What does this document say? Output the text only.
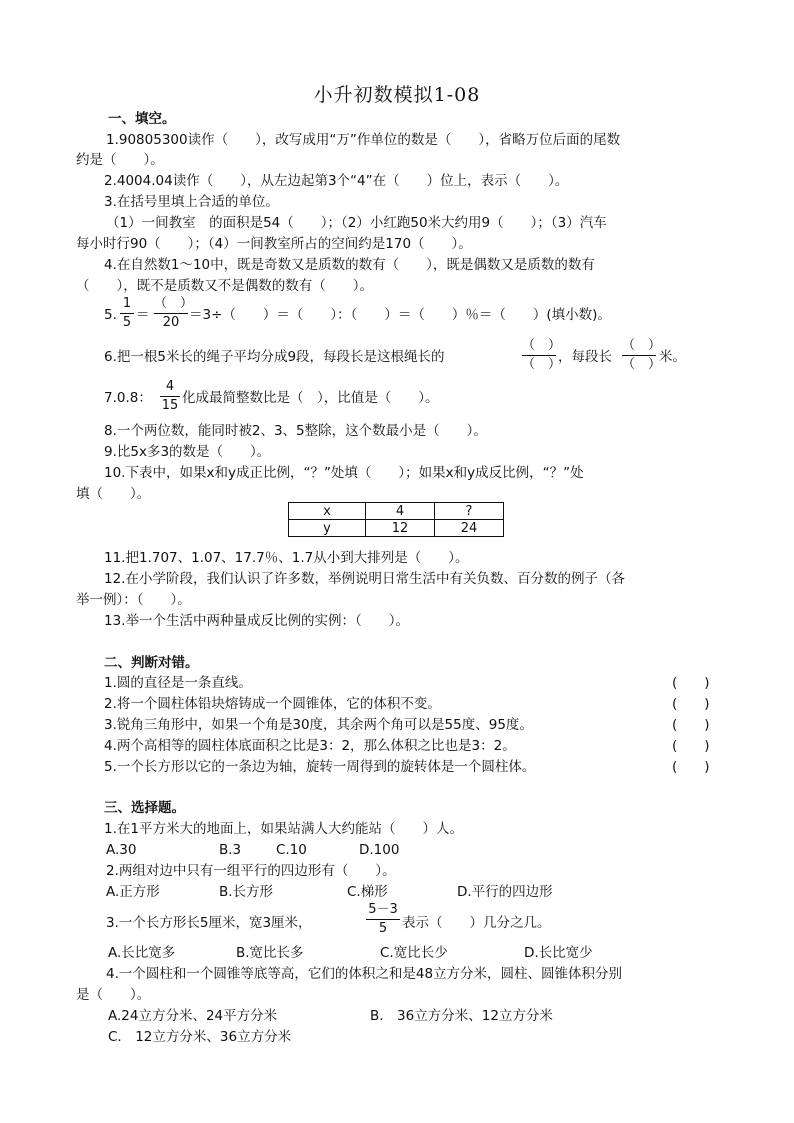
小升初数模拟1-08
一、填空。
1.90805300读作（　　），改写成用“万”作单位的数是（　　），省略万位后面的尾数
约是（　　）。
2.4004.04读作（　　），从左边起第3个“4”在（　　）位上，表示（　　）。
3.在括号里填上合适的单位。
（1）一间教室　的面积是54（　　）；（2）小红跑50米大约用9（　　）；（3）汽车
每小时行90（　　）；（4）一间教室所占的空间约是170（　　）。
4.在自然数1～10中，既是奇数又是质数的数有（　　），既是偶数又是质数的数有
（　　），既不是质数又不是偶数的数有（　　）。
5.
1
5 ＝
（　）
20 ＝3÷（　　）＝（　　）：（　　）＝（　　）％＝（　　）(填小数)。
6.把一根5米长的绳子平均分成9段，每段长是这根绳长的
（　）
（　）
，每段长
（　）
（　）
米。
7.0.8：
4
15 化成最简整数比是（　），比值是（　　）。
8.一个两位数，能同时被2、3、5整除，这个数最小是（　　）。
9.比5x多3的数是（　　）。
10.下表中，如果x和y成正比例，“？”处填（　　）；如果x和y成反比例，“？”处
填（　　）。
x	4	?
y	12	24
11.把1.707、1.07、17.7％、1.7从小到大排列是（　　）。
12.在小学阶段，我们认识了许多数，举例说明日常生活中有关负数、百分数的例子（各
举一例）：（　　）。
13.举一个生活中两种量成反比例的实例：（　　）。
二、判断对错。
1.圆的直径是一条直线。	(　　)
2.将一个圆柱体铅块熔铸成一个圆锥体，它的体积不变。	(　　)
3.锐角三角形中，如果一个角是30度，其余两个角可以是55度、95度。	(　　)
4.两个高相等的圆柱体底面积之比是3：2，那么体积之比也是3：2。	(　　)
5.一个长方形以它的一条边为轴，旋转一周得到的旋转体是一个圆柱体。	(　　)
三、选择题。
1.在1平方米大的地面上，如果站满人大约能站（　　）人。
A.30	B.3	C.10	D.100
2.两组对边中只有一组平行的四边形有（　　）。
A.正方形	B.长方形	C.梯形	D.平行的四边形
3.一个长方形长5厘米，宽3厘米，
5－3
5	表示（　　）几分之几。
A.长比宽多	B.宽比长多	C.宽比长少	D.长比宽少
4.一个圆柱和一个圆锥等底等高，它们的体积之和是48立方分米，圆柱、圆锥体积分别
是（　　）。
A.24立方分米、24平方分米	B.　36立方分米、12立方分米
C.　12立方分米、36立方分米
